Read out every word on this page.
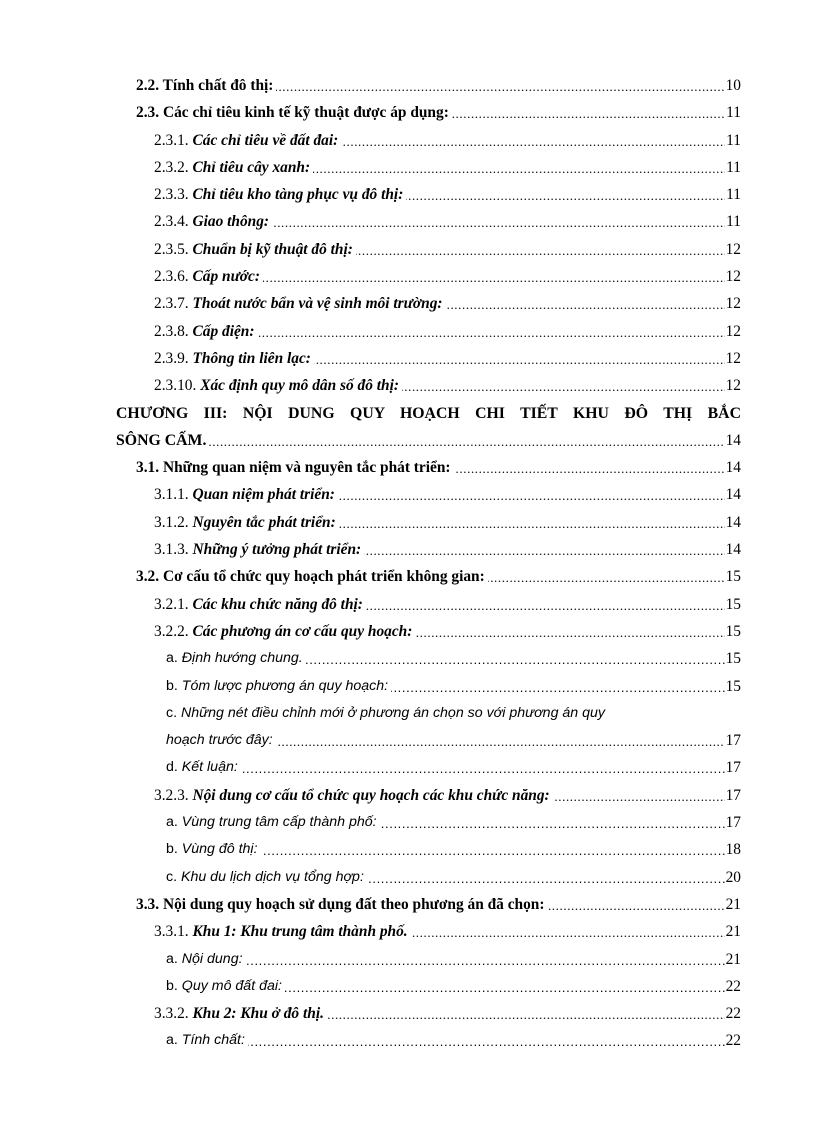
.....
2.2. Tính chất đô thị:	10
.....
2.3. Các chỉ tiêu kinh tế kỹ thuật được áp dụng:	11
.....
2.3.1. Các chỉ tiêu về đất đai:	11
.....
2.3.2. Chỉ tiêu cây xanh:	11
.....
2.3.3. Chỉ tiêu kho tàng phục vụ đô thị:	11
.....
2.3.4. Giao thông:	11
.....
2.3.5. Chuẩn bị kỹ thuật đô thị:	12
.....
2.3.6. Cấp nước:	12
.....
2.3.7. Thoát nước bẩn và vệ sinh môi trường:	12
.....
2.3.8. Cấp điện:	12
.....
2.3.9. Thông tin liên lạc:	12
.....
2.3.10. Xác định quy mô dân số đô thị:	12
CHƯƠNG III: NỘI DUNG QUY HOẠCH CHI TIẾT KHU ĐÔ THỊ BẮC
.....
SÔNG CẤM.	14
.....
3.1. Những quan niệm và nguyên tắc phát triển:	14
.....
3.1.1. Quan niệm phát triển:	14
.....
3.1.2. Nguyên tắc phát triển:	14
.....
3.1.3. Những ý tưởng phát triển:	14
.....
3.2. Cơ cấu tổ chức quy hoạch phát triển không gian:	15
.....
3.2.1. Các khu chức năng đô thị:	15
.....
3.2.2. Các phương án cơ cấu quy hoạch:	15
.....
a. Định hướng chung.	15
.....
b. Tóm lược phương án quy hoạch:	15
c. Những nét điều chỉnh mới ở phương án chọn so với phương án quy
.....
hoạch trước đây:	17
.....
d. Kết luận:	17
.....
3.2.3. Nội dung cơ cấu tổ chức quy hoạch các khu chức năng:	17
.....
a. Vùng trung tâm cấp thành phố:	17
.....
b. Vùng đô thị:	18
.....
c. Khu du lịch dịch vụ tổng hợp:	20
.....
3.3. Nội dung quy hoạch sử dụng đất theo phương án đã chọn:	21
.....
3.3.1. Khu 1: Khu trung tâm thành phố.	21
.....
a. Nội dung:	21
.....
b. Quy mô đất đai:	22
.....
3.3.2. Khu 2: Khu ở đô thị.	22
.....
a. Tính chất:	22
